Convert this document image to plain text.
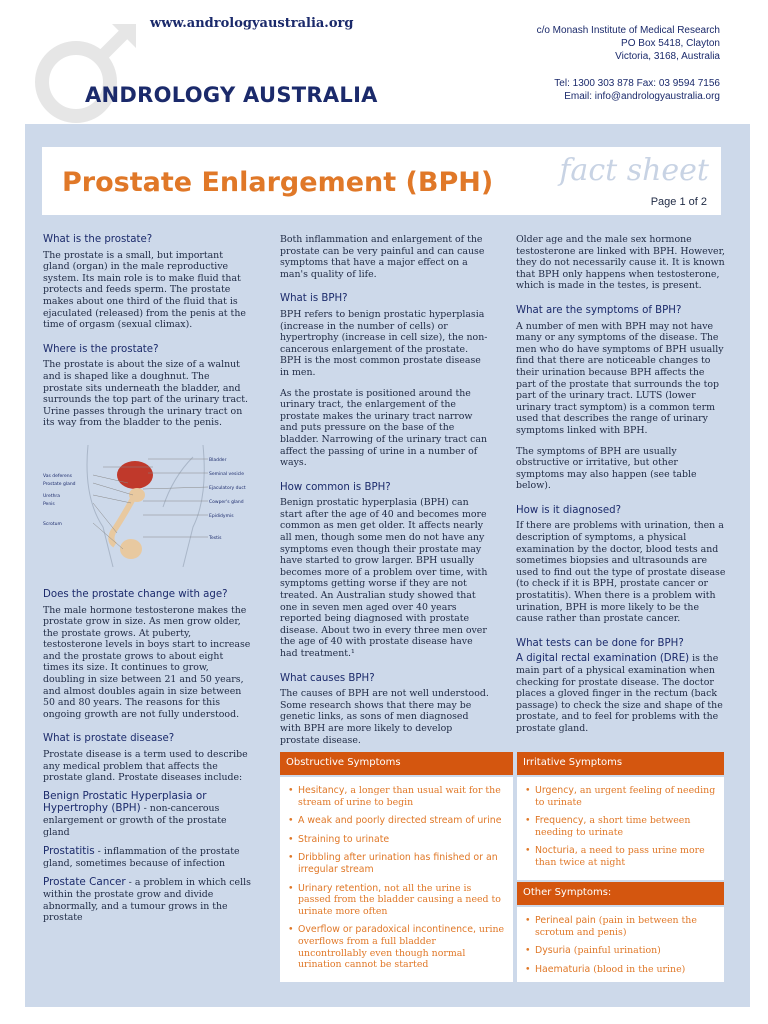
www.andrologyaustralia.org
ANDROLOGY AUSTRALIA
c/o Monash Institute of Medical Research
PO Box 5418, Clayton
Victoria, 3168, Australia
Tel: 1300 303 878 Fax: 03 9594 7156
Email: info@andrologyaustralia.org
fact sheet
Prostate Enlargement (BPH)
Page 1 of 2
What is the prostate?

The prostate is a small, but important gland (organ) in the male reproductive system. Its main role is to make fluid that protects and feeds sperm. The prostate makes about one third of the fluid that is ejaculated (released) from the penis at the time of orgasm (sexual climax).

Where is the prostate?

The prostate is about the size of a walnut and is shaped like a doughnut. The prostate sits underneath the bladder, and surrounds the top part of the urinary tract. Urine passes through the urinary tract on its way from the bladder to the penis.

Bladder
Seminal vesicle
Ejaculatory duct
Cowper's gland
Epididymis
Testis
Vas deferens
Prostate gland
Urethra
Penis
Scrotum
Does the prostate change with age?

The male hormone testosterone makes the prostate grow in size. As men grow older, the prostate grows. At puberty, testosterone levels in boys start to increase and the prostate grows to about eight times its size. It continues to grow, doubling in size between 21 and 50 years, and almost doubles again in size between 50 and 80 years. The reasons for this ongoing growth are not fully understood.

What is prostate disease?

Prostate disease is a term used to describe any medical problem that affects the prostate gland. Prostate diseases include:

Benign Prostatic Hyperplasia or Hypertrophy (BPH) - non-cancerous enlargement or growth of the prostate gland
Prostatitis - inflammation of the prostate gland, sometimes because of infection
Prostate Cancer - a problem in which cells within the prostate grow and divide abnormally, and a tumour grows in the prostate

Both inflammation and enlargement of the prostate can be very painful and can cause symptoms that have a major effect on a man's quality of life.

What is BPH?

BPH refers to benign prostatic hyperplasia (increase in the number of cells) or hypertrophy (increase in cell size), the non-cancerous enlargement of the prostate. BPH is the most common prostate disease in men.

As the prostate is positioned around the urinary tract, the enlargement of the prostate makes the urinary tract narrow and puts pressure on the base of the bladder. Narrowing of the urinary tract can affect the passing of urine in a number of ways.

How common is BPH?

Benign prostatic hyperplasia (BPH) can start after the age of 40 and becomes more common as men get older. It affects nearly all men, though some men do not have any symptoms even though their prostate may have started to grow larger. BPH usually becomes more of a problem over time, with symptoms getting worse if they are not treated. An Australian study showed that one in seven men aged over 40 years reported being diagnosed with prostate disease. About two in every three men over the age of 40 with prostate disease have had treatment.¹

What causes BPH?

The causes of BPH are not well understood. Some research shows that there may be genetic links, as sons of men diagnosed with BPH are more likely to develop prostate disease.

Older age and the male sex hormone testosterone are linked with BPH. However, they do not necessarily cause it. It is known that BPH only happens when testosterone, which is made in the testes, is present.

What are the symptoms of BPH?

A number of men with BPH may not have many or any symptoms of the disease. The men who do have symptoms of BPH usually find that there are noticeable changes to their urination because BPH affects the part of the prostate that surrounds the top part of the urinary tract. LUTS (lower urinary tract symptom) is a common term used that describes the range of urinary symptoms linked with BPH.

The symptoms of BPH are usually obstructive or irritative, but other symptoms may also happen (see table below).

How is it diagnosed?

If there are problems with urination, then a description of symptoms, a physical examination by the doctor, blood tests and sometimes biopsies and ultrasounds are used to find out the type of prostate disease (to check if it is BPH, prostate cancer or prostatitis). When there is a problem with urination, BPH is more likely to be the cause rather than prostate cancer.

What tests can be done for BPH?

A digital rectal examination (DRE) is the main part of a physical examination when checking for prostate disease. The doctor places a gloved finger in the rectum (back passage) to check the size and shape of the prostate, and to feel for problems with the prostate gland.

Obstructive Symptoms	Irritative Symptoms
• Hesitancy, a longer than usual wait for the stream of urine to begin
• A weak and poorly directed stream of urine
• Straining to urinate
• Dribbling after urination has finished or an irregular stream
• Urinary retention, not all the urine is passed from the bladder causing a need to urinate more often
• Overflow or paradoxical incontinence, urine overflows from a full bladder uncontrollably even though normal urination cannot be started
• Urgency, an urgent feeling of needing to urinate
• Frequency, a short time between needing to urinate
• Nocturia, a need to pass urine more than twice at night
Other Symptoms:
• Perineal pain (pain in between the scrotum and penis)
• Dysuria (painful urination)
• Haematuria (blood in the urine)
